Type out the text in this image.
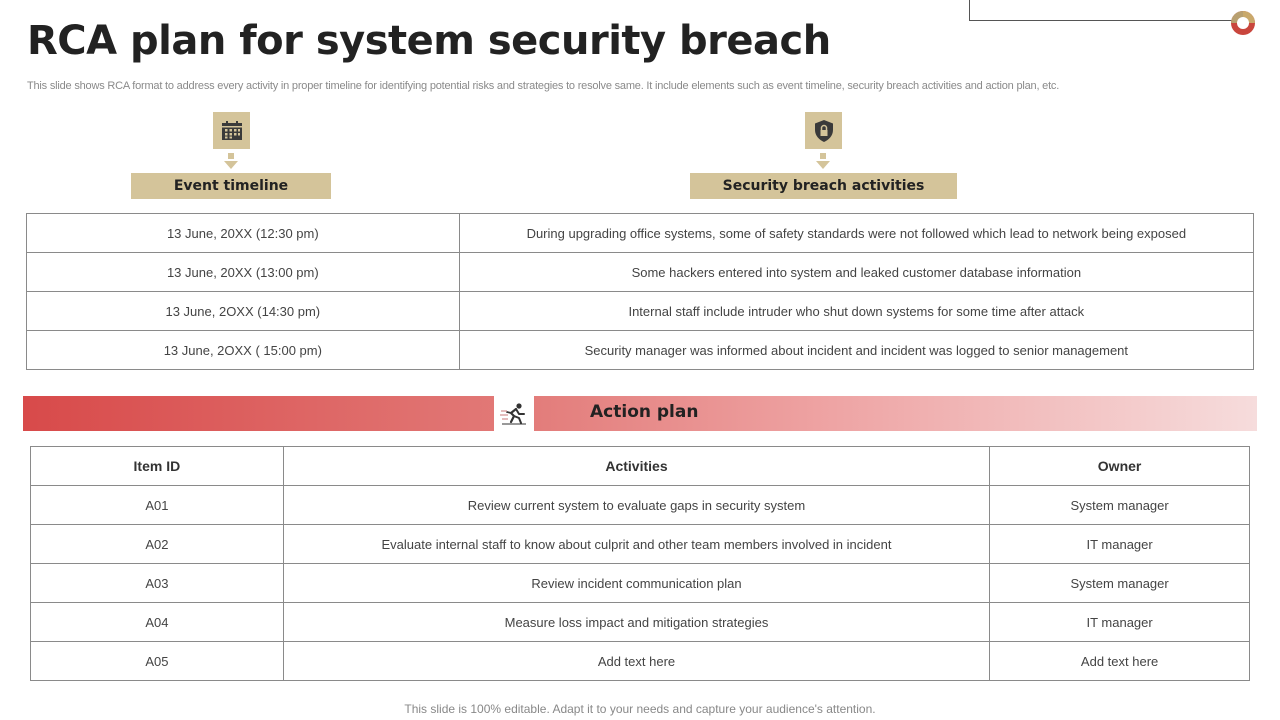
RCA plan for system security breach
This slide shows RCA format to address every activity in proper timeline for identifying potential risks and strategies to resolve same. It include elements such as event timeline, security breach activities and action plan, etc.
Event timeline	Security breach activities
13 June, 20XX (12:30 pm)	During upgrading office systems, some of safety standards were not followed which lead to network being exposed
13 June, 20XX (13:00 pm)	Some hackers entered into system and leaked customer database information
13 June, 2OXX (14:30 pm)	Internal staff include intruder who shut down systems for some time after attack
13 June, 2OXX ( 15:00 pm)	Security manager was informed about incident and incident was logged to senior management
Action plan
Item ID	Activities	Owner
A01	Review current system to evaluate gaps in security system	System manager
A02	Evaluate internal staff to know about culprit and other team members involved in incident	IT manager
A03	Review incident communication plan	System manager
A04	Measure loss impact and mitigation strategies	IT manager
A05	Add text here	Add text here
This slide is 100% editable. Adapt it to your needs and capture your audience's attention.
